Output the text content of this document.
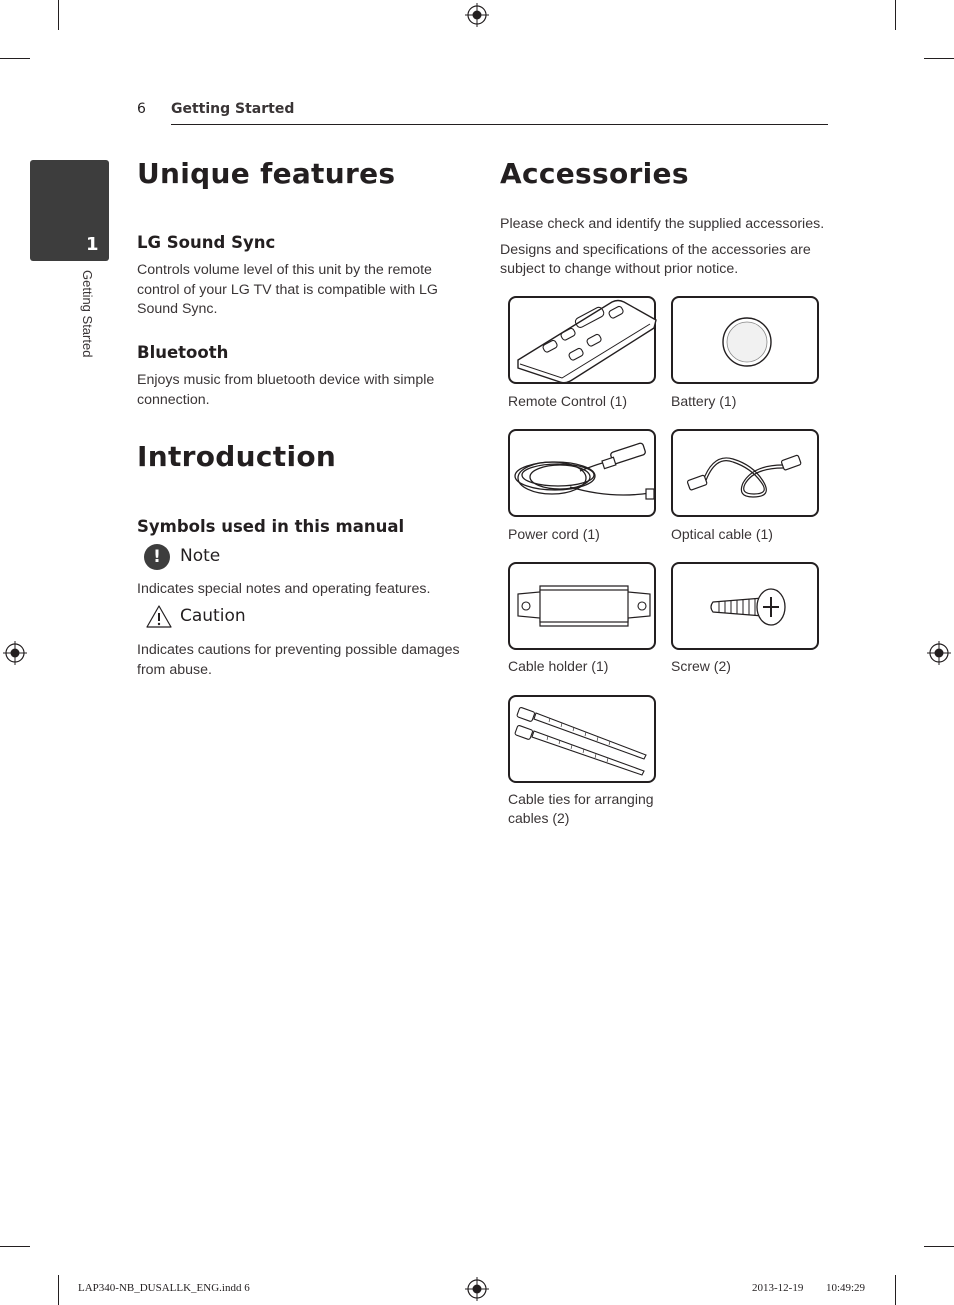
6 Getting Started
1
Getting Started
Unique features
LG Sound Sync

Controls volume level of this unit by the remote

control of your LG TV that is compatible with LG

Sound Sync.

Bluetooth

Enjoys music from bluetooth device with simple

connection.

Introduction
Symbols used in this manual
!	Note

Indicates special notes and operating features.

Caution

Indicates cautions for preventing possible damages

from abuse.

Accessories

Please check and identify the supplied accessories.

Designs and specifications of the accessories are

subject to change without prior notice.

Remote Control (1)	Battery (1)
Power cord (1)	Optical cable (1)
Cable holder (1)	Screw (2)
Cable ties for arranging
cables (2)
LAP340-NB_DUSALLK_ENG.indd 6	2013-12-19 ￿￿ 10:49:29
